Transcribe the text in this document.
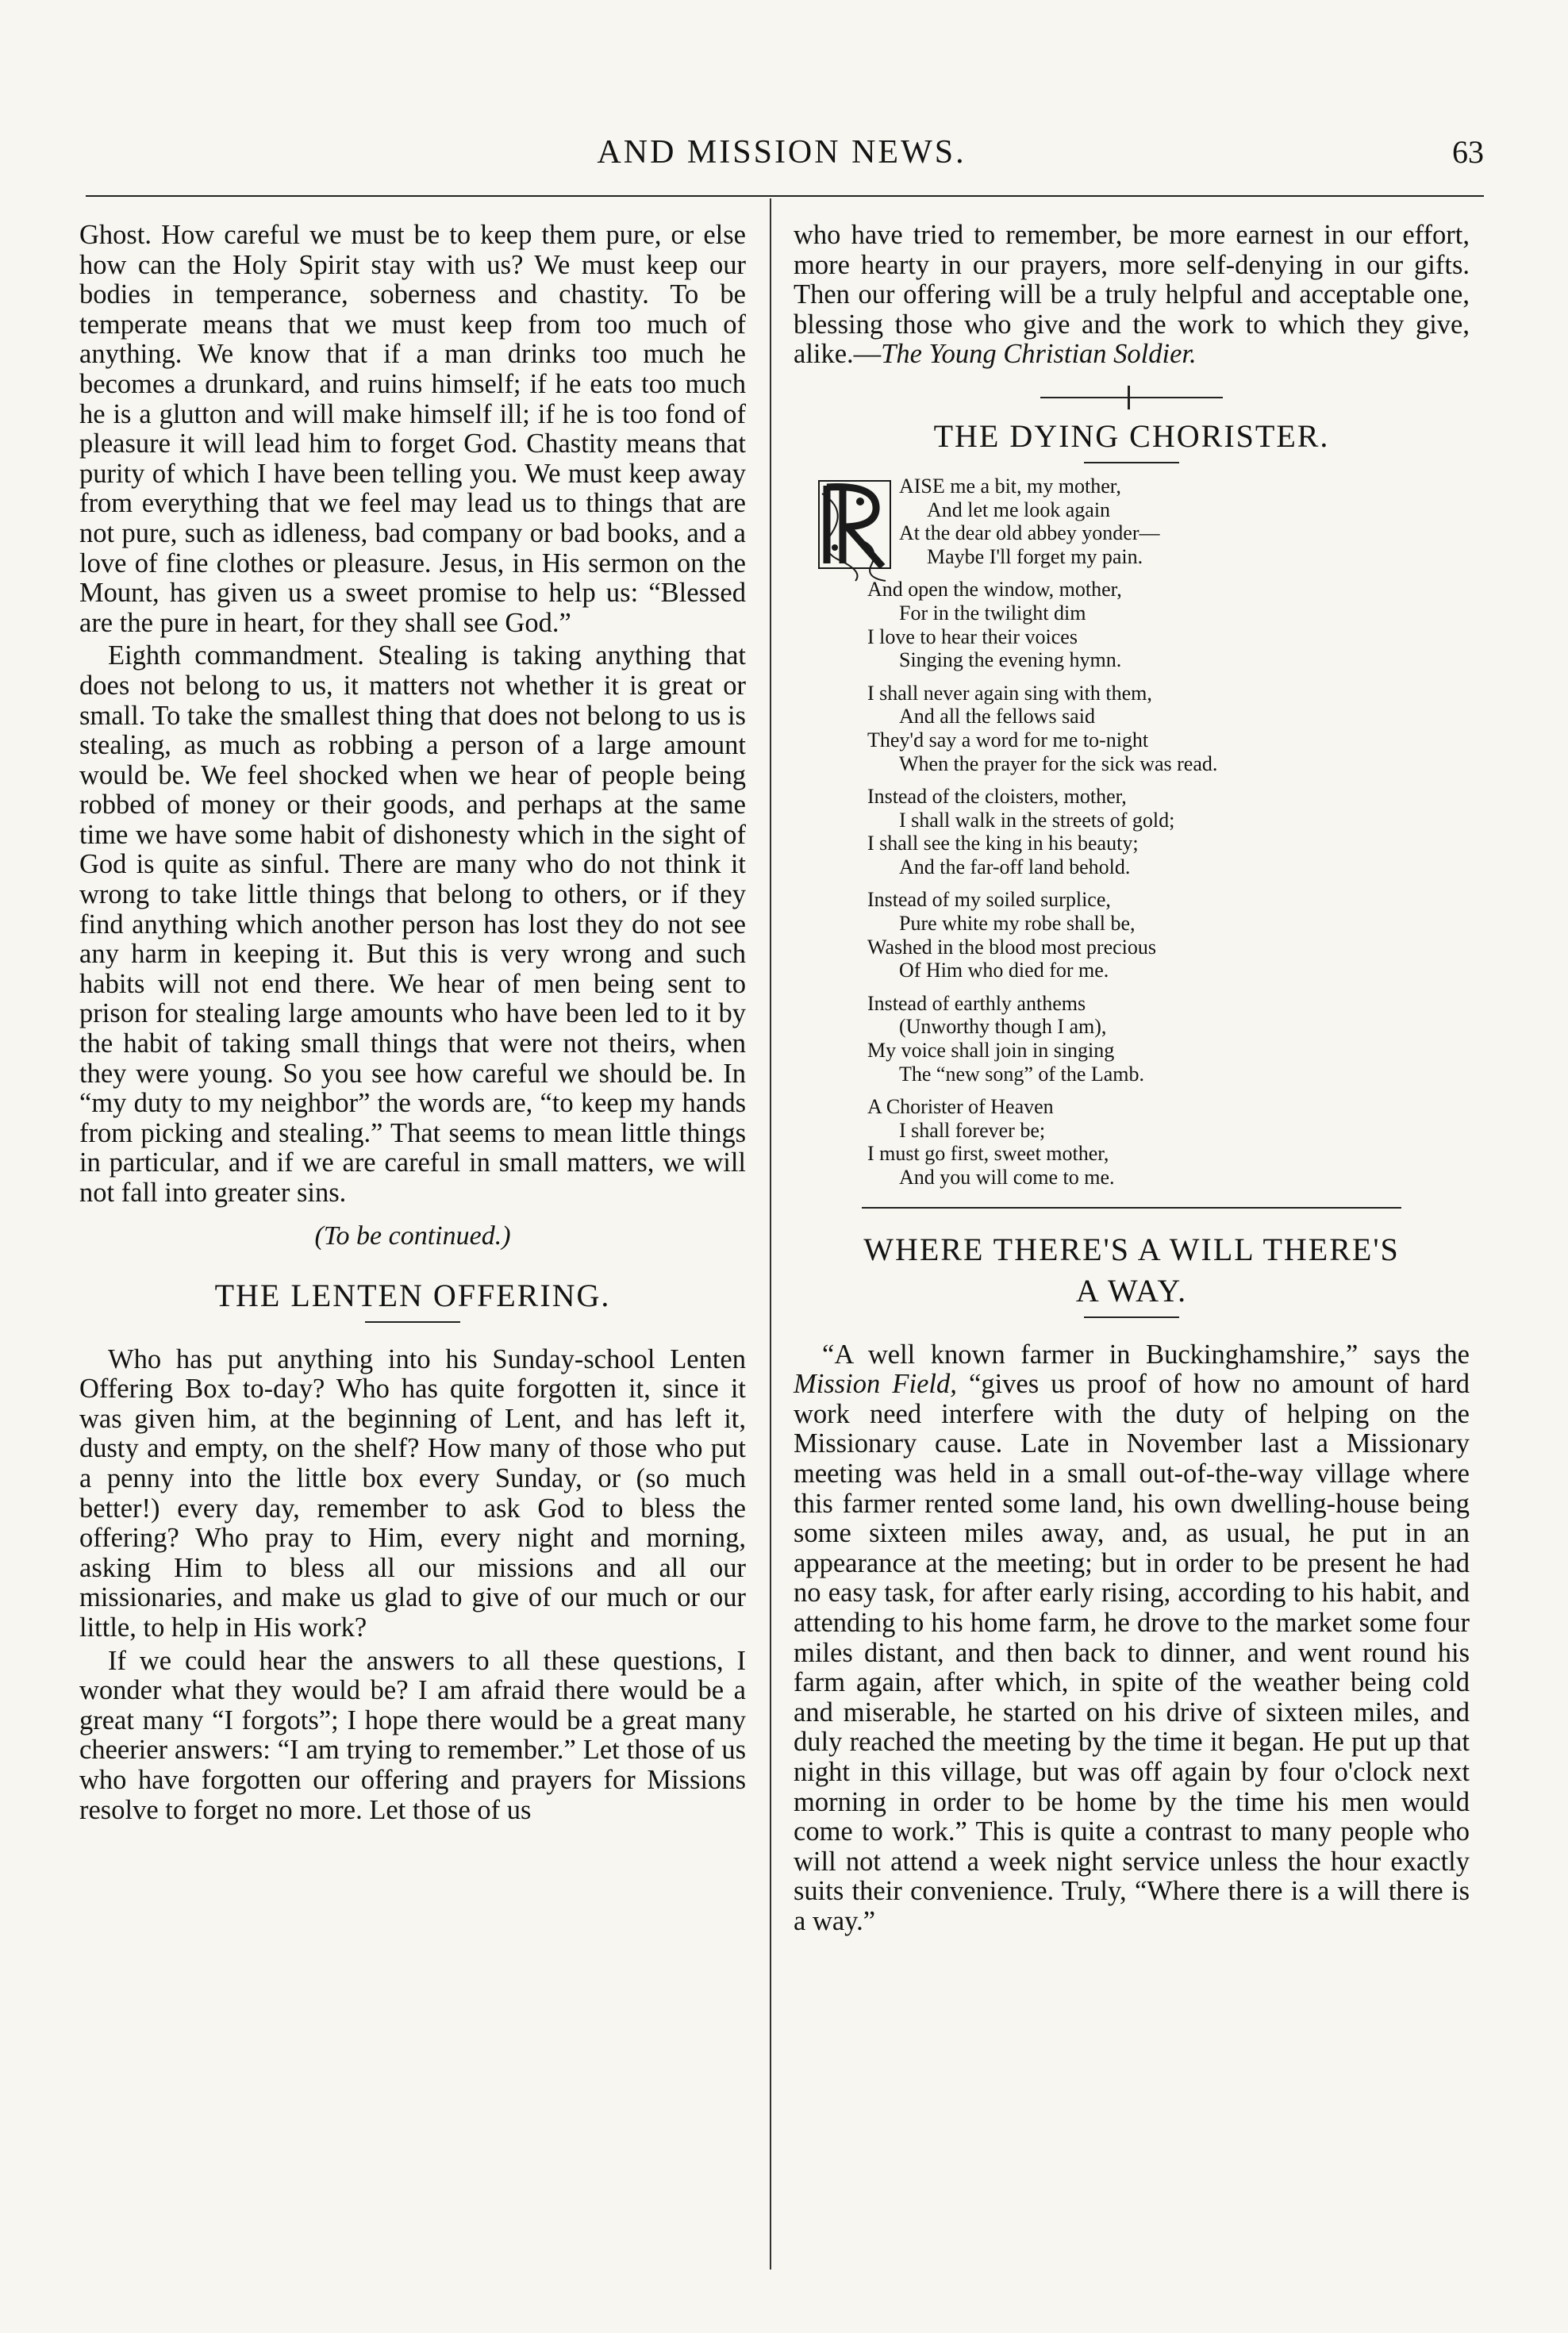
AND MISSION NEWS.	63

Ghost. How careful we must be to keep them pure, or else how can the Holy Spirit stay with us? We must keep our bodies in temperance, soberness and chastity. To be temperate means that we must keep from too much of anything. We know that if a man drinks too much he becomes a drunkard, and ruins himself; if he eats too much he is a glutton and will make himself ill; if he is too fond of pleasure it will lead him to forget God. Chastity means that purity of which I have been telling you. We must keep away from everything that we feel may lead us to things that are not pure, such as idleness, bad company or bad books, and a love of fine clothes or pleasure. Jesus, in His sermon on the Mount, has given us a sweet promise to help us: “Blessed are the pure in heart, for they shall see God.”

Eighth commandment. Stealing is taking anything that does not belong to us, it matters not whether it is great or small. To take the smallest thing that does not belong to us is stealing, as much as robbing a person of a large amount would be. We feel shocked when we hear of people being robbed of money or their goods, and perhaps at the same time we have some habit of dishonesty which in the sight of God is quite as sinful. There are many who do not think it wrong to take little things that belong to others, or if they find anything which another person has lost they do not see any harm in keeping it. But this is very wrong and such habits will not end there. We hear of men being sent to prison for stealing large amounts who have been led to it by the habit of taking small things that were not theirs, when they were young. So you see how careful we should be. In “my duty to my neighbor” the words are, “to keep my hands from picking and stealing.” That seems to mean little things in particular, and if we are careful in small matters, we will not fall into greater sins.

(To be continued.)
THE LENTEN OFFERING.

Who has put anything into his Sunday-school Lenten Offering Box to-day? Who has quite forgotten it, since it was given him, at the beginning of Lent, and has left it, dusty and empty, on the shelf? How many of those who put a penny into the little box every Sunday, or (so much better!) every day, remember to ask God to bless the offering? Who pray to Him, every night and morning, asking Him to bless all our missions and all our missionaries, and make us glad to give of our much or our little, to help in His work?

If we could hear the answers to all these questions, I wonder what they would be? I am afraid there would be a great many “I forgots”; I hope there would be a great many cheerier answers: “I am trying to remember.” Let those of us who have forgotten our offering and prayers for Missions resolve to forget no more. Let those of us

who have tried to remember, be more earnest in our effort, more hearty in our prayers, more self-denying in our gifts. Then our offering will be a truly helpful and acceptable one, blessing those who give and the work to which they give, alike.—The Young Christian Soldier.

THE DYING CHORISTER.
AISE me a bit, my mother,
And let me look again
At the dear old abbey yonder—
Maybe I'll forget my pain.
And open the window, mother,
For in the twilight dim
I love to hear their voices
Singing the evening hymn.
I shall never again sing with them,
And all the fellows said
They'd say a word for me to-night
When the prayer for the sick was read.
Instead of the cloisters, mother,
I shall walk in the streets of gold;
I shall see the king in his beauty;
And the far-off land behold.
Instead of my soiled surplice,
Pure white my robe shall be,
Washed in the blood most precious
Of Him who died for me.
Instead of earthly anthems
(Unworthy though I am),
My voice shall join in singing
The “new song” of the Lamb.
A Chorister of Heaven
I shall forever be;
I must go first, sweet mother,
And you will come to me.
WHERE THERE'S A WILL THERE'S
A WAY.

“A well known farmer in Buckinghamshire,” says the Mission Field, “gives us proof of how no amount of hard work need interfere with the duty of helping on the Missionary cause. Late in November last a Missionary meeting was held in a small out-of-the-way village where this farmer rented some land, his own dwelling-house being some sixteen miles away, and, as usual, he put in an appearance at the meeting; but in order to be present he had no easy task, for after early rising, according to his habit, and attending to his home farm, he drove to the market some four miles distant, and then back to dinner, and went round his farm again, after which, in spite of the weather being cold and miserable, he started on his drive of sixteen miles, and duly reached the meeting by the time it began. He put up that night in this village, but was off again by four o'clock next morning in order to be home by the time his men would come to work.” This is quite a contrast to many people who will not attend a week night service unless the hour exactly suits their convenience. Truly, “Where there is a will there is a way.”
